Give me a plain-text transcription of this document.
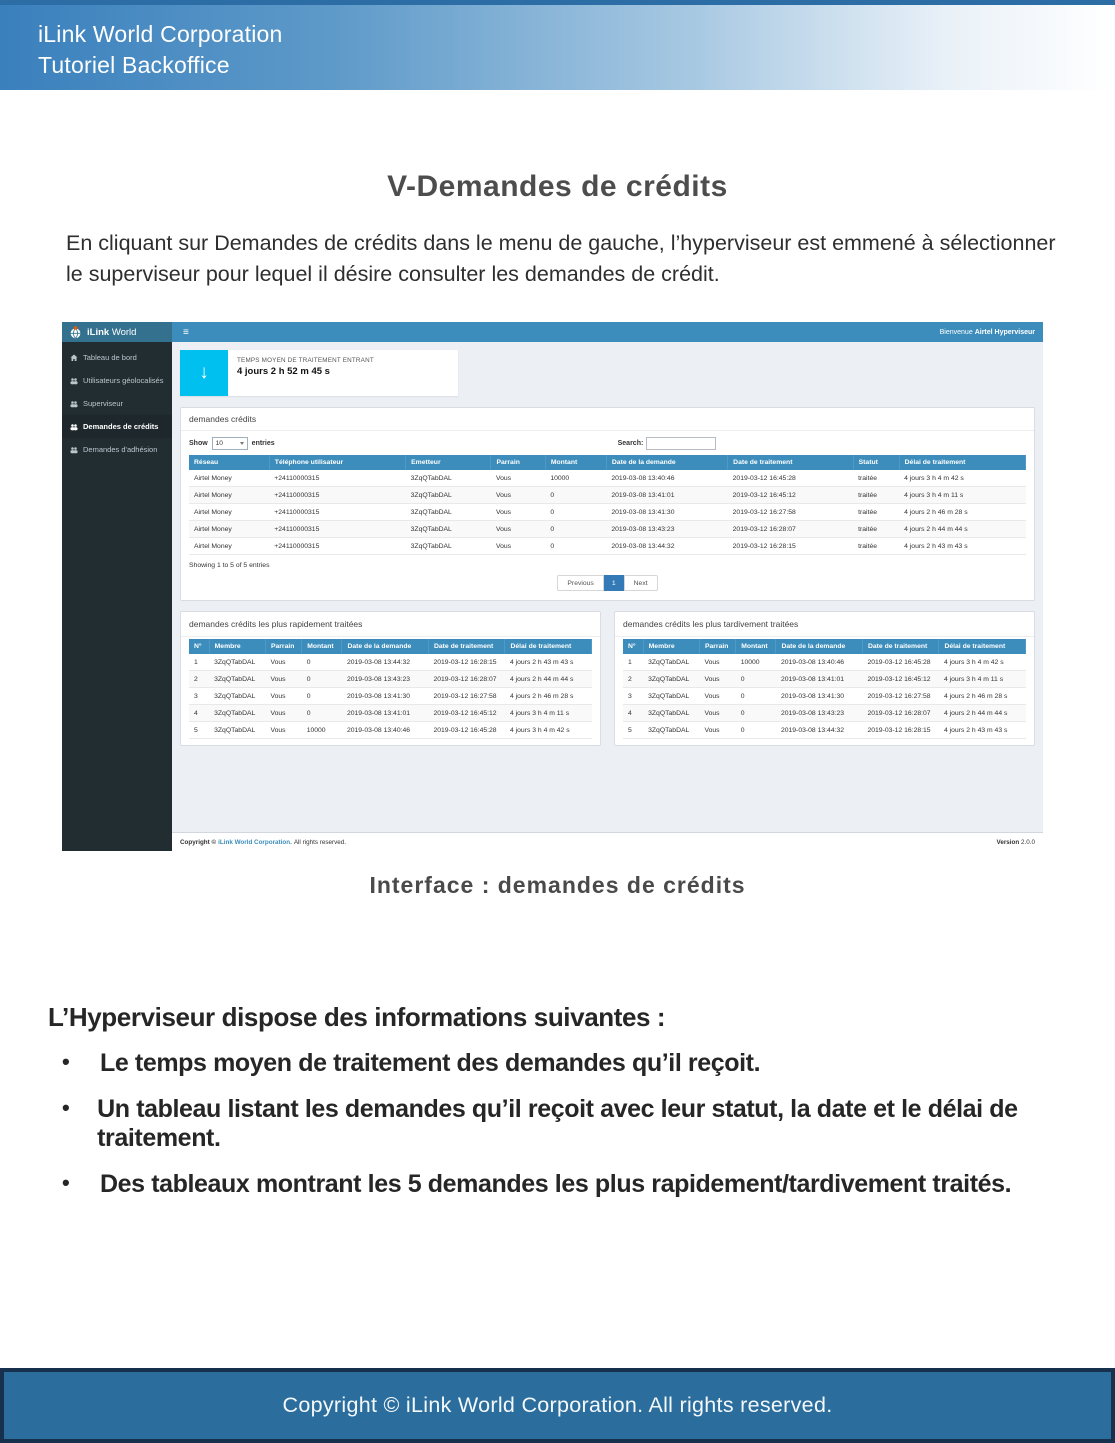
iLink World Corporation
Tutoriel Backoffice
V-Demandes de crédits
En cliquant sur Demandes de crédits dans le menu de gauche, l’hyperviseur est emmené à sélectionner le superviseur pour lequel il désire consulter les demandes de crédit.
iLink World	≡	Bienvenue Airtel Hyperviseur
Tableau de bord
Utilisateurs géolocalisés
Superviseur
Demandes de crédits
Demandes d'adhésion
↓
TEMPS MOYEN DE TRAITEMENT ENTRANT
4 jours 2 h 52 m 45 s
demandes crédits
Show 10	entries	Search:
Réseau	Téléphone utilisateur	Emetteur	Parrain	Montant	Date de la demande	Date de traitement	Statut	Délai de traitement
Airtel Money	+24110000315	3ZqQTabDAL	Vous	10000	2019-03-08 13:40:46	2019-03-12 16:45:28	traitée	4 jours 3 h 4 m 42 s
Airtel Money	+24110000315	3ZqQTabDAL	Vous	0	2019-03-08 13:41:01	2019-03-12 16:45:12	traitée	4 jours 3 h 4 m 11 s
Airtel Money	+24110000315	3ZqQTabDAL	Vous	0	2019-03-08 13:41:30	2019-03-12 16:27:58	traitée	4 jours 2 h 46 m 28 s
Airtel Money	+24110000315	3ZqQTabDAL	Vous	0	2019-03-08 13:43:23	2019-03-12 16:28:07	traitée	4 jours 2 h 44 m 44 s
Airtel Money	+24110000315	3ZqQTabDAL	Vous	0	2019-03-08 13:44:32	2019-03-12 16:28:15	traitée	4 jours 2 h 43 m 43 s
Showing 1 to 5 of 5 entries
Previous	1	Next
demandes crédits les plus rapidement traitées
N°	Membre	Parrain	Montant	Date de la demande	Date de traitement	Délai de traitement
1	3ZqQTabDAL	Vous	0	2019-03-08 13:44:32	2019-03-12 16:28:15	4 jours 2 h 43 m 43 s
2	3ZqQTabDAL	Vous	0	2019-03-08 13:43:23	2019-03-12 16:28:07	4 jours 2 h 44 m 44 s
3	3ZqQTabDAL	Vous	0	2019-03-08 13:41:30	2019-03-12 16:27:58	4 jours 2 h 46 m 28 s
4	3ZqQTabDAL	Vous	0	2019-03-08 13:41:01	2019-03-12 16:45:12	4 jours 3 h 4 m 11 s
5	3ZqQTabDAL	Vous	10000	2019-03-08 13:40:46	2019-03-12 16:45:28	4 jours 3 h 4 m 42 s
demandes crédits les plus tardivement traitées
N°	Membre	Parrain	Montant	Date de la demande	Date de traitement	Délai de traitement
1	3ZqQTabDAL	Vous	10000	2019-03-08 13:40:46	2019-03-12 16:45:28	4 jours 3 h 4 m 42 s
2	3ZqQTabDAL	Vous	0	2019-03-08 13:41:01	2019-03-12 16:45:12	4 jours 3 h 4 m 11 s
3	3ZqQTabDAL	Vous	0	2019-03-08 13:41:30	2019-03-12 16:27:58	4 jours 2 h 46 m 28 s
4	3ZqQTabDAL	Vous	0	2019-03-08 13:43:23	2019-03-12 16:28:07	4 jours 2 h 44 m 44 s
5	3ZqQTabDAL	Vous	0	2019-03-08 13:44:32	2019-03-12 16:28:15	4 jours 2 h 43 m 43 s
Copyright © iLink World Corporation. All rights reserved.	Version 2.0.0
Interface : demandes de crédits
L’Hyperviseur dispose des informations suivantes :
•	Le temps moyen de traitement des demandes qu’il reçoit.
•	Un tableau listant les demandes qu’il reçoit avec leur statut, la date et le délai de traitement.
•	Des tableaux montrant les 5 demandes les plus rapidement/tardivement traités.
Copyright © iLink World Corporation. All rights reserved.
